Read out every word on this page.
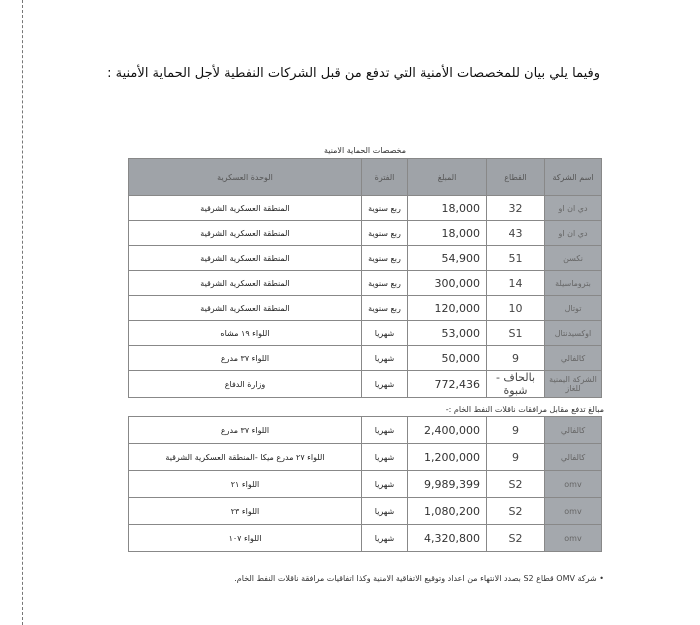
وفيما يلي بيان للمخصصات الأمنية التي تدفع من قبل الشركات النفطية لأجل الحماية الأمنية :
مخصصات الحماية الامنية
اسم الشركة	القطاع	المبلغ	الفترة	الوحدة العسكرية
دي ان او	32	18,000	ربع سنوية	المنطقة العسكرية الشرقية
دي ان او	43	18,000	ربع سنوية	المنطقة العسكرية الشرقية
نكسن	51	54,900	ربع سنوية	المنطقة العسكرية الشرقية
بتروماسيلة	14	300,000	ربع سنوية	المنطقة العسكرية الشرقية
توتال	10	120,000	ربع سنوية	المنطقة العسكرية الشرقية
اوكسيدنتال	S1	53,000	شهريا	اللواء ١٩ مشاه
كالفالي	9	50,000	شهريا	اللواء ٣٧ مدرع
الشركة اليمنية للغاز	بالحاف - شبوة	772,436	شهريا	وزارة الدفاع
مبالغ تدفع مقابل مرافقات ناقلات النفط الخام :-
كالفالي	9	2,400,000	شهريا	اللواء ٣٧ مدرع
كالفالي	9	1,200,000	شهريا	اللواء ٢٧ مدرع ميكا -المنطقة العسكرية الشرقية
omv	S2	9,989,399	شهريا	اللواء ٢١
omv	S2	1,080,200	شهريا	اللواء ٢٣
omv	S2	4,320,800	شهريا	اللواء ١٠٧
• شركة OMV قطاع S2 بصدد الانتهاء من اعداد وتوقيع الاتفاقية الامنية وكذا اتفاقيات مرافقة ناقلات النفط الخام.
